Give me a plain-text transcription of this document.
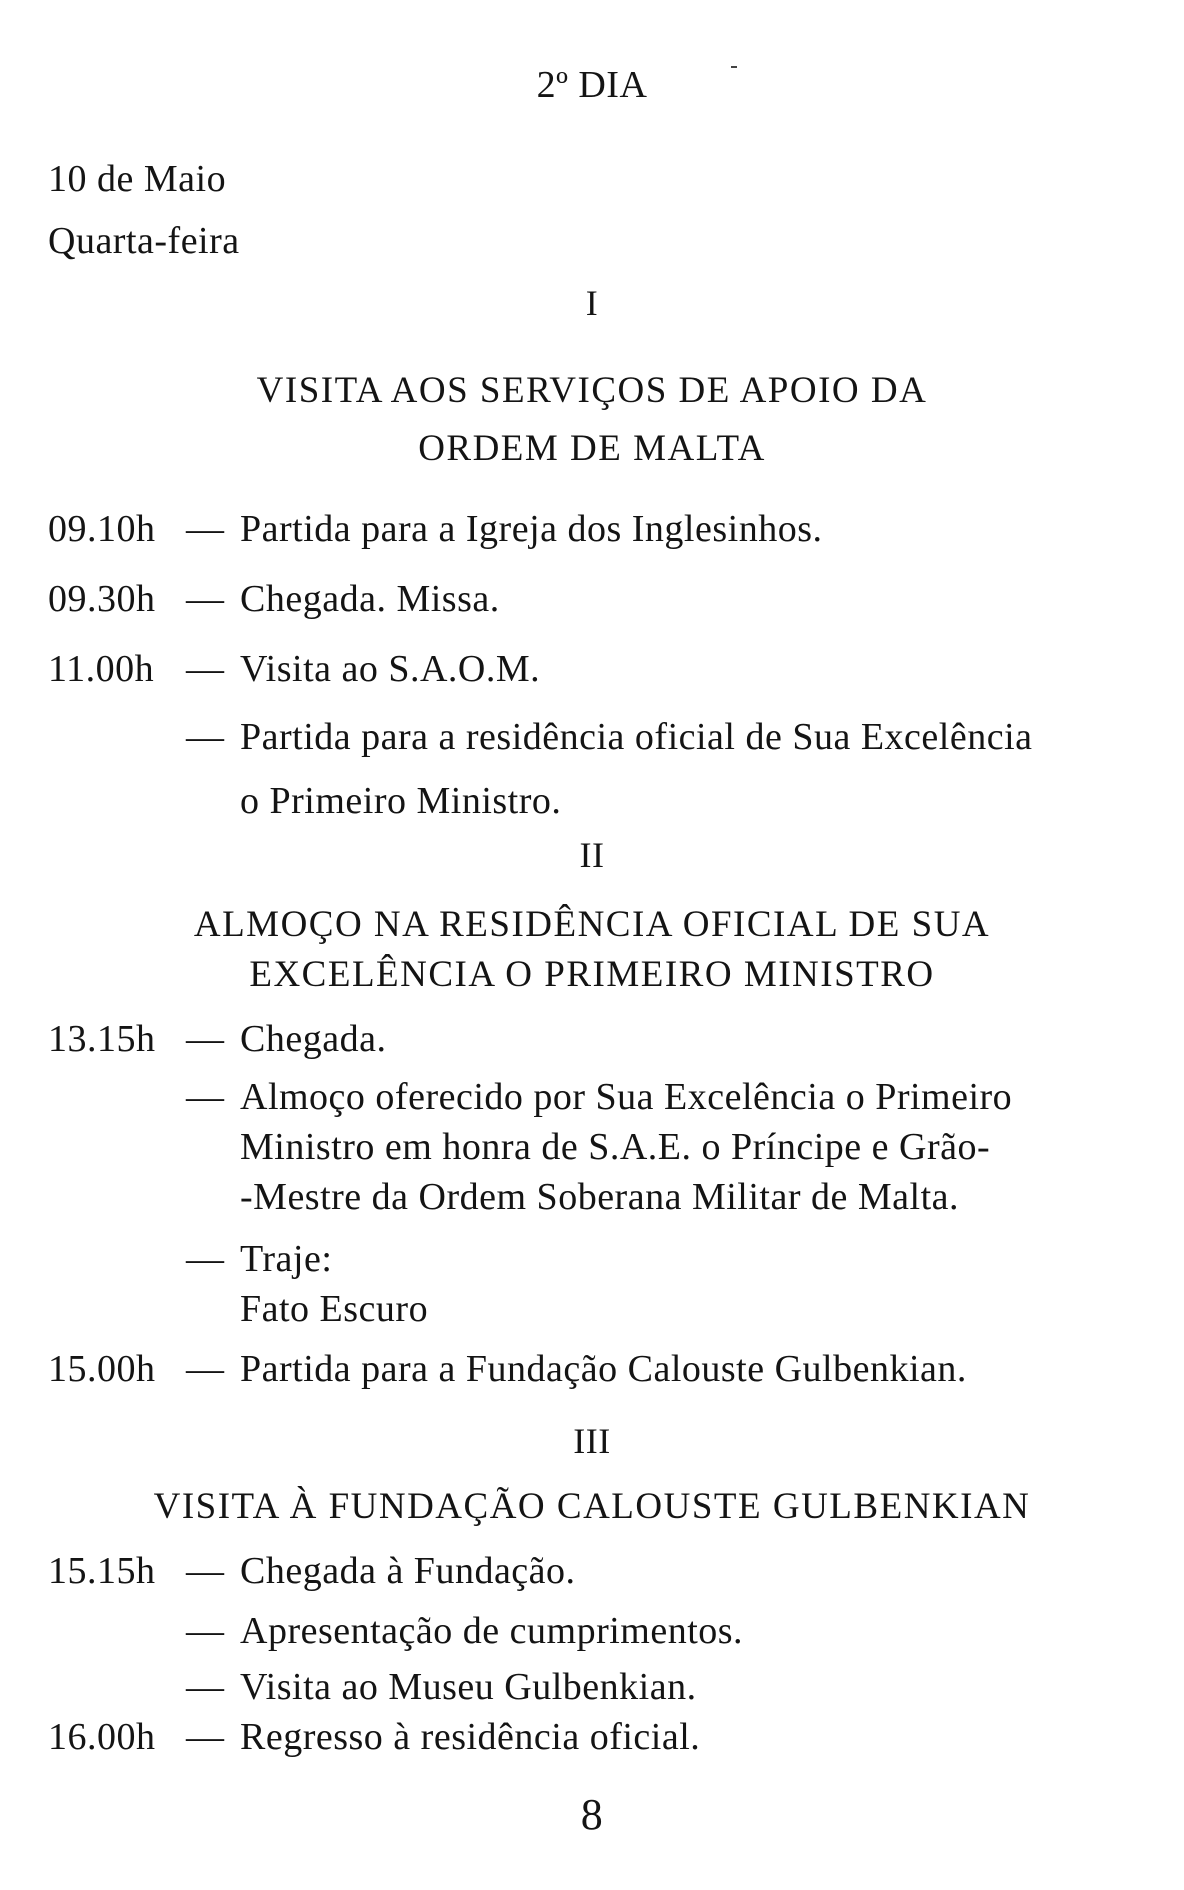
2º DIA
10 de Maio
Quarta-feira
I
VISITA AOS SERVIÇOS DE APOIO DA
ORDEM DE MALTA
09.10h — Partida para a Igreja dos Inglesinhos.
09.30h — Chegada. Missa.
11.00h — Visita ao S.A.O.M.
— Partida para a residência oficial de Sua Excelência
o Primeiro Ministro.
II
ALMOÇO NA RESIDÊNCIA OFICIAL DE SUA
EXCELÊNCIA O PRIMEIRO MINISTRO
13.15h — Chegada.
— Almoço oferecido por Sua Excelência o Primeiro
Ministro em honra de S.A.E. o Príncipe e Grão-
-Mestre da Ordem Soberana Militar de Malta.
— Traje:
Fato Escuro
15.00h — Partida para a Fundação Calouste Gulbenkian.
III
VISITA À FUNDAÇÃO CALOUSTE GULBENKIAN
15.15h — Chegada à Fundação.
— Apresentação de cumprimentos.
— Visita ao Museu Gulbenkian.
16.00h — Regresso à residência oficial.
8
